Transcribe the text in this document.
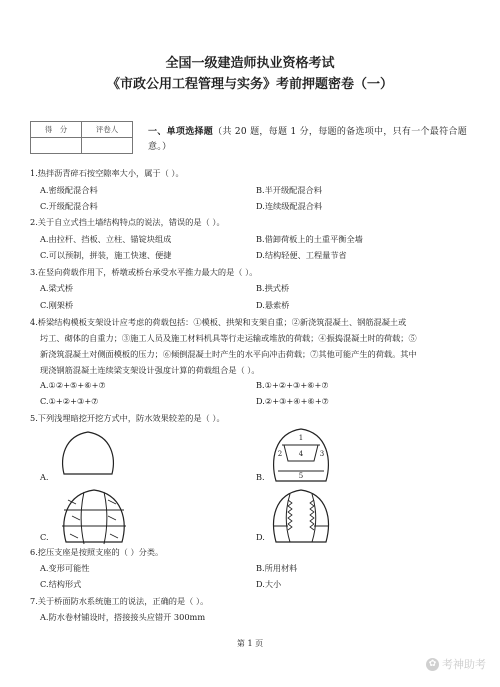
全国一级建造师执业资格考试
《市政公用工程管理与实务》考前押题密卷（一）
得　分	评卷人
		一、单项选择题（共 20 题，每题 1 分，每题的备选项中，只有一个最符合题意。）
1.热拌沥青碎石按空隙率大小，属于（ ）。
A.密级配混合料	B.半开级配混合料
C.开级配混合料	D.连续级配混合料
2.关于自立式挡土墙结构特点的说法，错误的是（ ）。
A.由拉杆、挡板、立柱、锚锭块组成	B.借卸荷板上的土重平衡全墙
C.可以预制，拼装，施工快速、便捷	D.结构轻便、工程量节省
3.在竖向荷载作用下，桥墩或桥台承受水平推力最大的是（ ）。
A.梁式桥	B.拱式桥
C.刚架桥	D.悬索桥
4.桥梁结构模板支架设计应考虑的荷载包括：①模板、拱架和支架自重；②新浇筑混凝土、钢筋混凝土或
圬工、砌体的自重力；③施工人员及施工材料机具等行走运输或堆放的荷载；④振捣混凝土时的荷载；⑤
新浇筑混凝土对侧面模板的压力；⑥倾倒混凝土时产生的水平向冲击荷载；⑦其他可能产生的荷载。其中
现浇钢筋混凝土连续梁支架设计强度计算的荷载组合是（ ）。
A.①②+⑤+⑥+⑦	B.①+②+③+⑥+⑦
C.①+②+③+⑦	D.②+③+④+⑥+⑦
5.下列浅埋暗挖开挖方式中，防水效果较差的是（ ）。
A.
1
2	3
4
5
B.
C.	D.
6.挖压支座是按照支座的（ ）分类。
A.变形可能性	B.所用材料
C.结构形式	D.大小
7.关于桥面防水系统施工的说法，正确的是（ ）。
A.防水卷材铺设时，搭接接头应错开 300mm
第 1 页
✿ 考神助考
